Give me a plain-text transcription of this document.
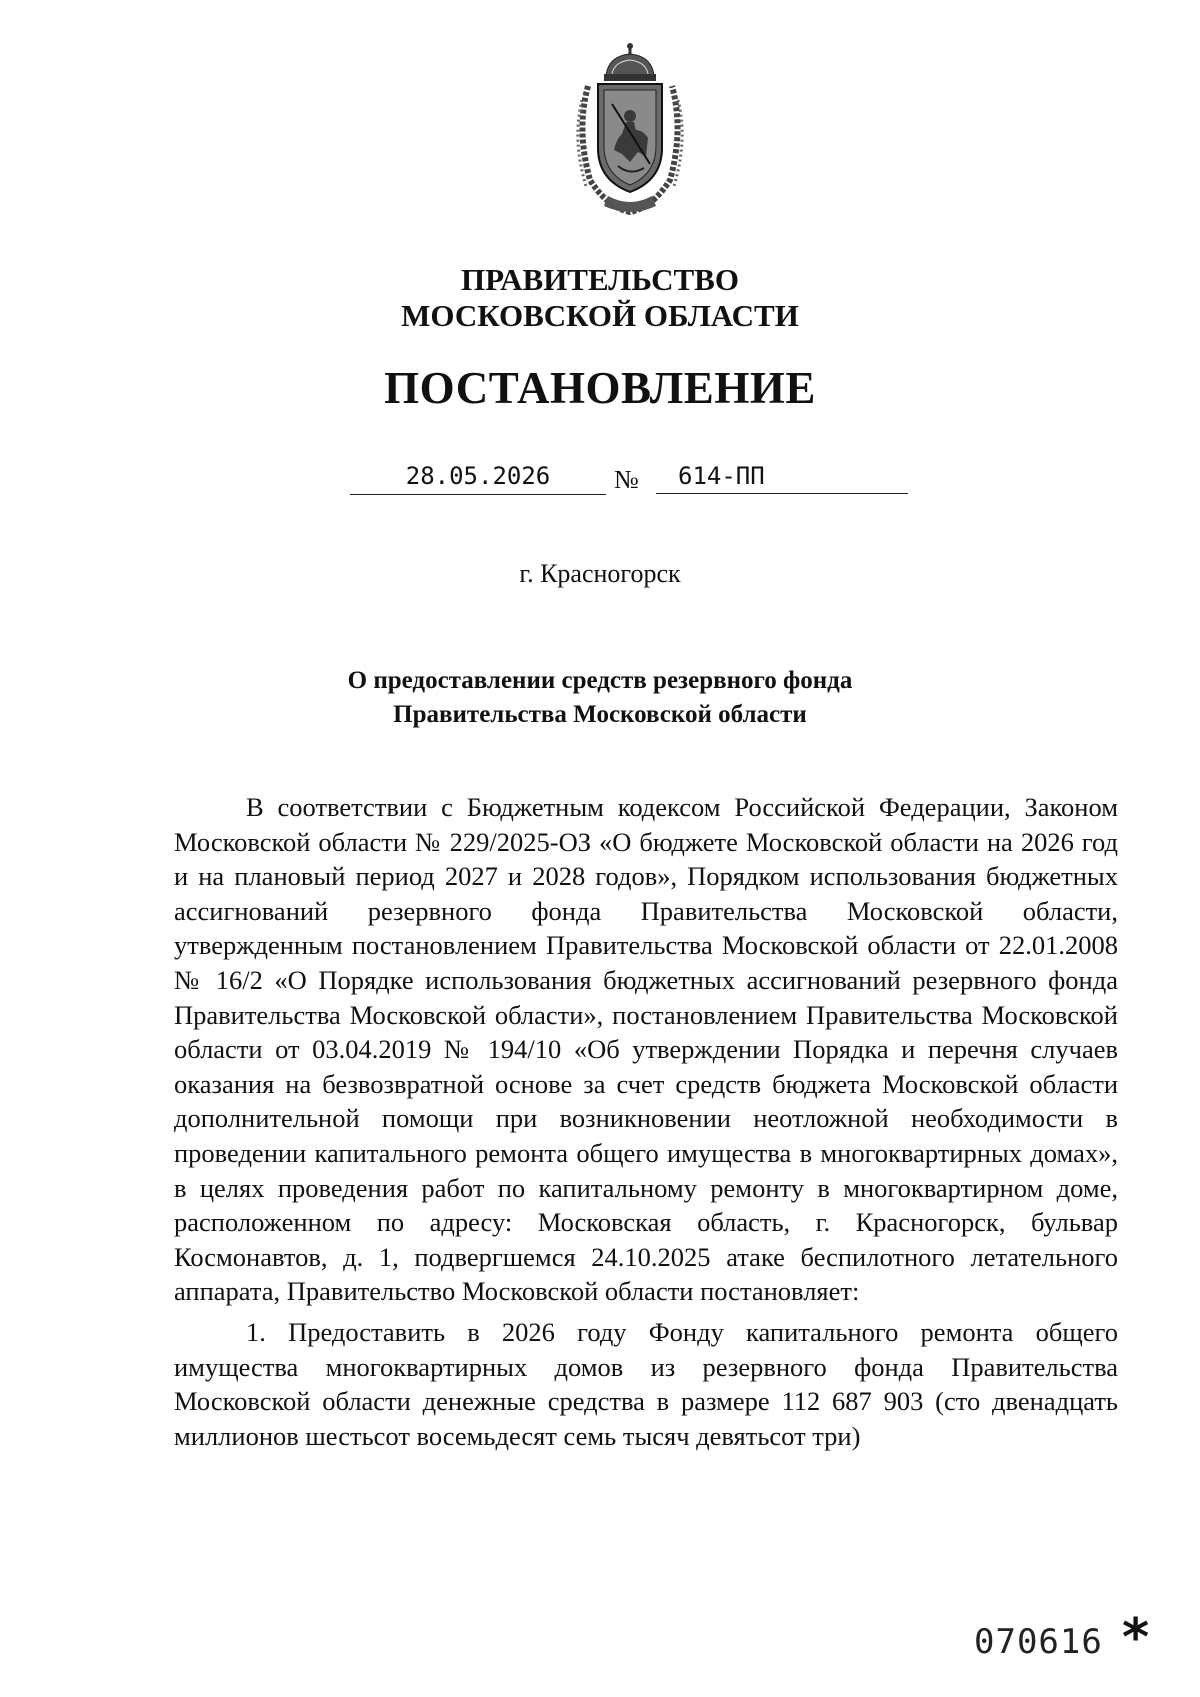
ПРАВИТЕЛЬСТВО
МОСКОВСКОЙ ОБЛАСТИ
ПОСТАНОВЛЕНИЕ
28.05.2026	№	614-ПП
г. Красногорск
О предоставлении средств резервного фонда
Правительства Московской области

В соответствии с Бюджетным кодексом Российской Федерации, Законом Московской области № 229/2025-ОЗ «О бюджете Московской области на 2026 год и на плановый период 2027 и 2028 годов», Порядком использования бюджетных ассигнований резервного фонда Правительства Московской области, утвержденным постановлением Правительства Московской области от 22.01.2008 № 16/2 «О Порядке использования бюджетных ассигнований резервного фонда Правительства Московской области», постановлением Правительства Московской области от 03.04.2019 № 194/10 «Об утверждении Порядка и перечня случаев оказания на безвозвратной основе за счет средств бюджета Московской области дополнительной помощи при возникновении неотложной необходимости в проведении капитального ремонта общего имущества в многоквартирных домах», в целях проведения работ по капитальному ремонту в многоквартирном доме, расположенном по адресу: Московская область, г. Красногорск, бульвар Космонавтов, д. 1, подвергшемся 24.10.2025 атаке беспилотного летательного аппарата, Правительство Московской области постановляет:

1. Предоставить в 2026 году Фонду капитального ремонта общего имущества многоквартирных домов из резервного фонда Правительства Московской области денежные средства в размере 112 687 903 (сто двенадцать миллионов шестьсот восемьдесят семь тысяч девятьсот три)

070616 *
